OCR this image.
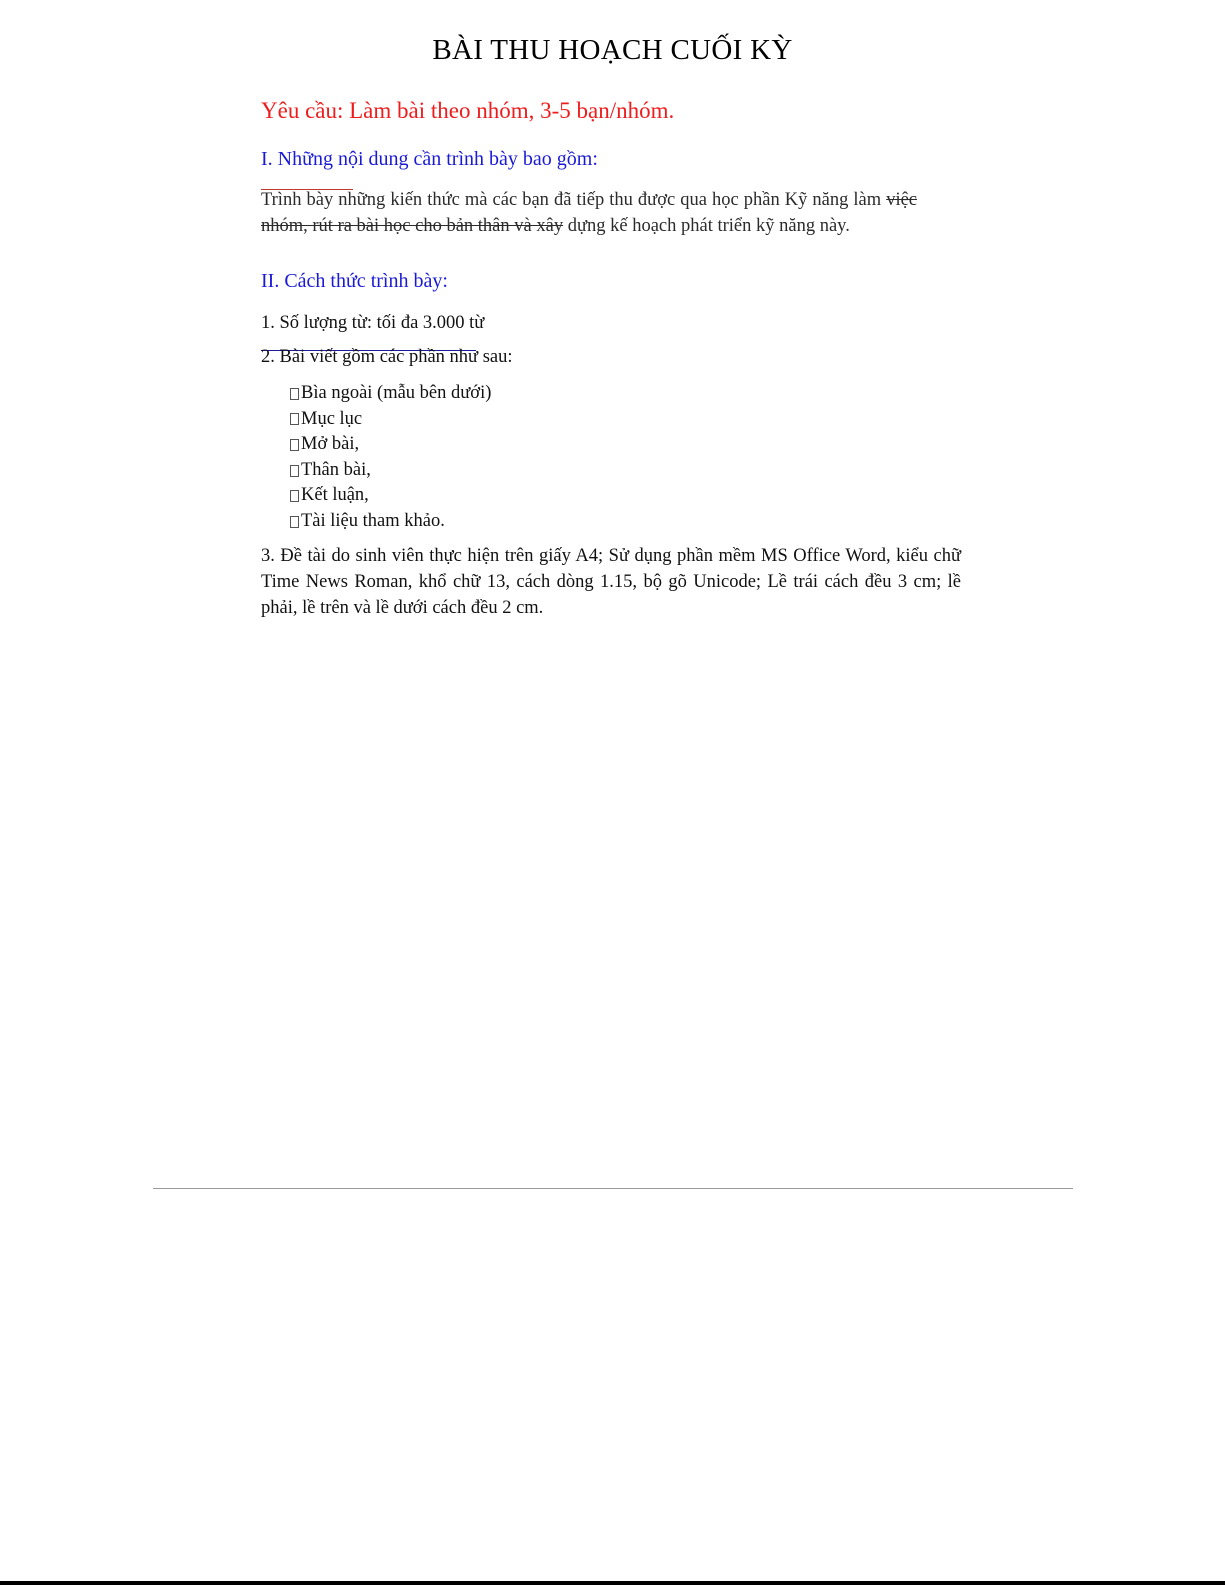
BÀI THU HOẠCH CUỐI KỲ
Yêu cầu: Làm bài theo nhóm, 3-5 bạn/nhóm.
I. Những nội dung cần trình bày bao gồm:
Trình bày những kiến thức mà các bạn đã tiếp thu được qua học phần Kỹ năng làm việc nhóm, rút ra bài học cho bản thân và xây dựng kế hoạch phát triển kỹ năng này.
II. Cách thức trình bày:
1. Số lượng từ: tối đa 3.000 từ
2. Bài viết gồm các phần như sau:
Bìa ngoài (mẫu bên dưới)
Mục lục
Mở bài,
Thân bài,
Kết luận,
Tài liệu tham khảo.
3. Đề tài do sinh viên thực hiện trên giấy A4; Sử dụng phần mềm MS Office Word, kiểu chữ Time News Roman, khổ chữ 13, cách dòng 1.15, bộ gõ Unicode; Lề trái cách đều 3 cm; lề phải, lề trên và lề dưới cách đều 2 cm.
